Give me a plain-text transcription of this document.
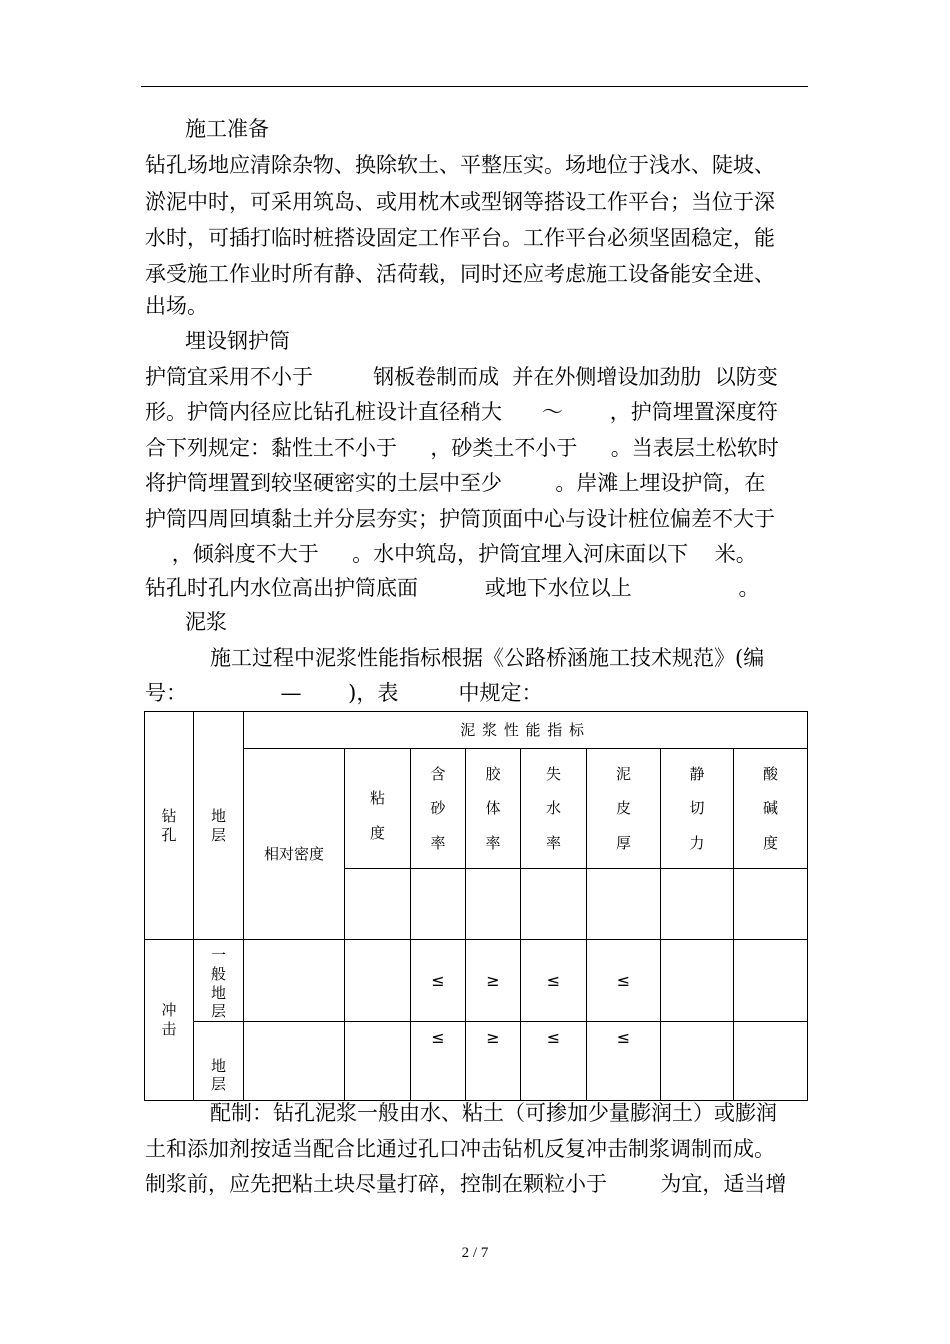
施工准备
钻孔场地应清除杂物、换除软土、平整压实。场地位于浅水、陡坡、
淤泥中时，可采用筑岛、或用枕木或型钢等搭设工作平台；当位于深
水时，可插打临时桩搭设固定工作平台。工作平台必须坚固稳定，能
承受施工作业时所有静、活荷载，同时还应考虑施工设备能安全进、
出场。
埋设钢护筒
护筒宜采用不小于         钢板卷制而成  并在外侧增设加劲肋  以防变
形。护筒内径应比钻孔桩设计直径稍大      ～       ，护筒埋置深度符
合下列规定：黏性土不小于     ，砂类土不小于     。当表层土松软时
将护筒埋置到较坚硬密实的土层中至少        。岸滩上埋设护筒，在
护筒四周回填黏土并分层夯实；护筒顶面中心与设计桩位偏差不大于
，倾斜度不大于     。水中筑岛，护筒宜埋入河床面以下    米。
钻孔时孔内水位高出护筒底面          或地下水位以上                。
泥浆
施工过程中泥浆性能指标根据《公路桥涵施工技术规范》(编
号：              —       )，表         中规定：
钻孔	地层	泥浆性能指标							
		相对密度	粘度	含砂率	胶体率	失水率	泥皮厚	静切力	酸碱度

冲击	一般地层			≤	≥	≤	≤		
	地层			≤	≥	≤	≤		
配制：钻孔泥浆一般由水、粘土（可掺加少量膨润土）或膨润
土和添加剂按适当配合比通过孔口冲击钻机反复冲击制浆调制而成。
制浆前，应先把粘土块尽量打碎，控制在颗粒小于        为宜，适当增
2 / 7
